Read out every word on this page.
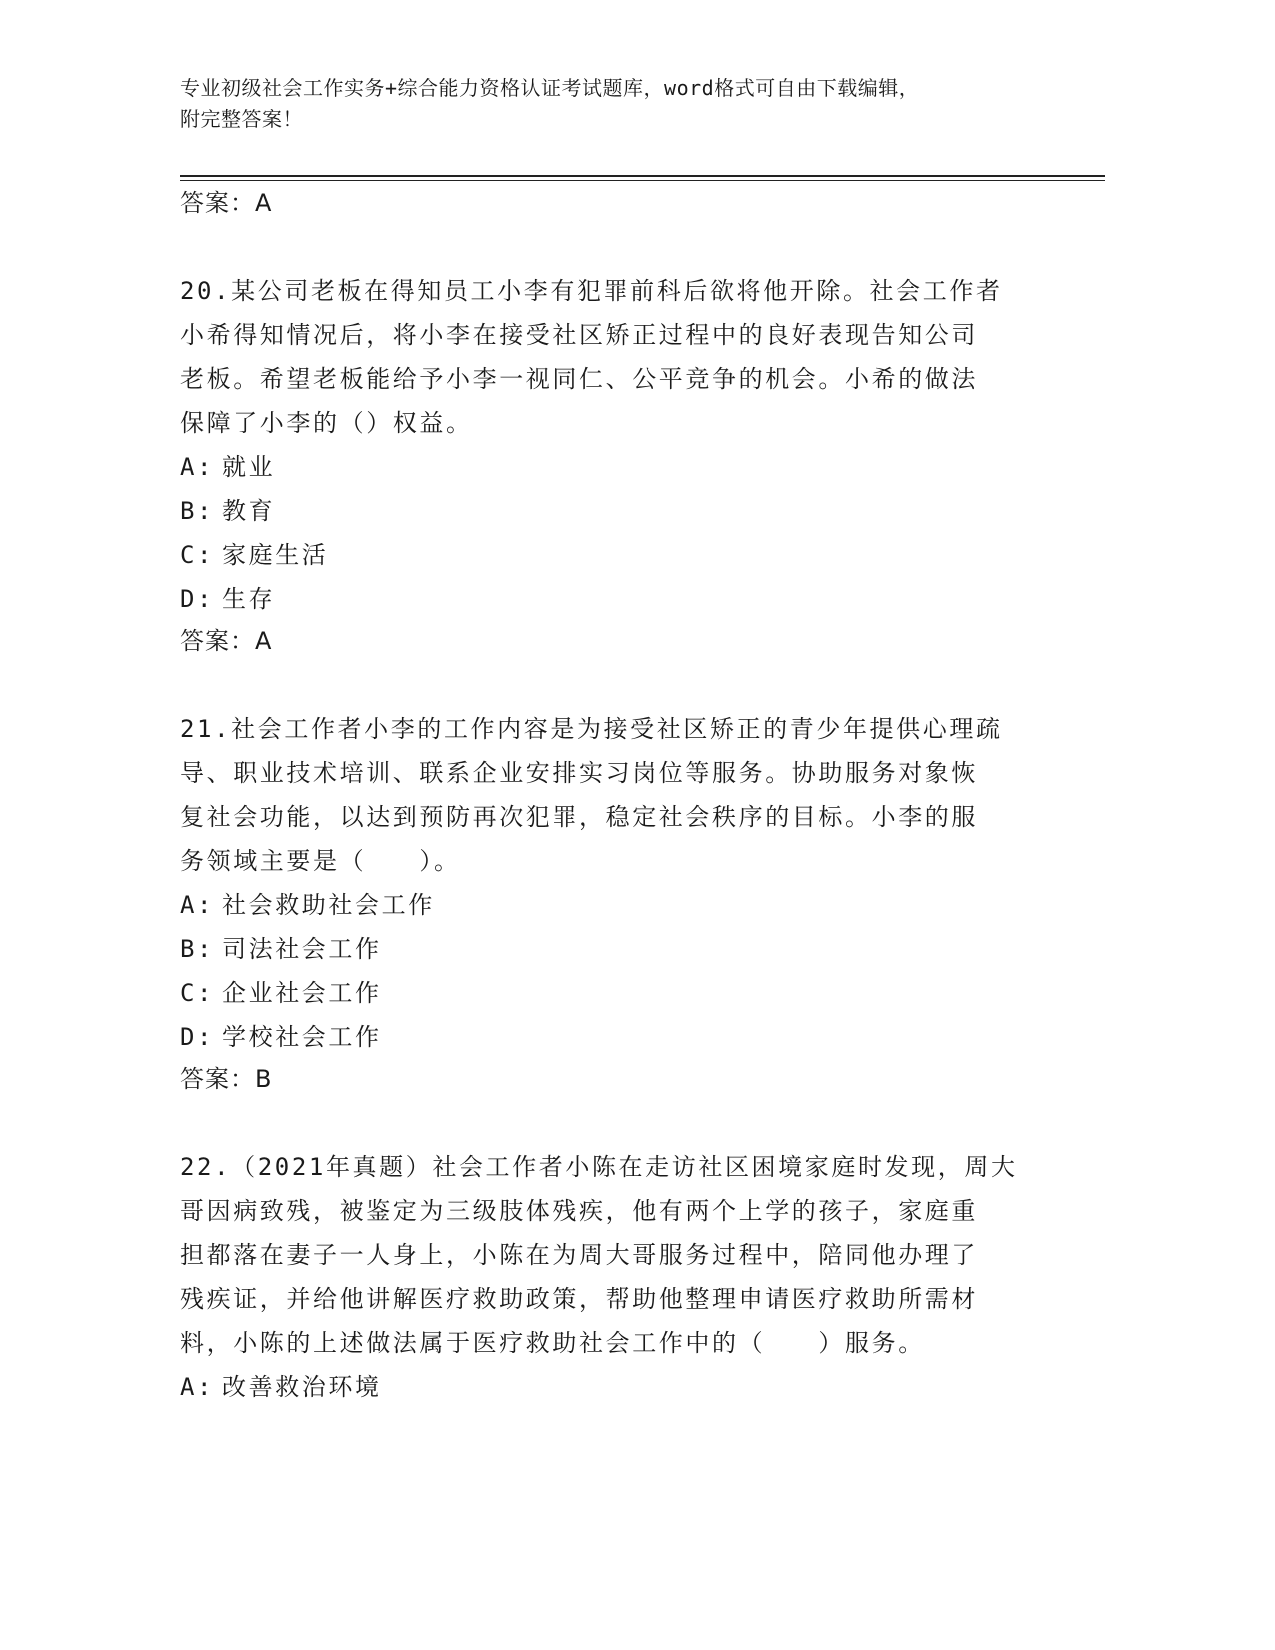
专业初级社会工作实务+综合能力资格认证考试题库，word格式可自由下载编辑，
附完整答案！
答案：A
20.某公司老板在得知员工小李有犯罪前科后欲将他开除。社会工作者
小希得知情况后，将小李在接受社区矫正过程中的良好表现告知公司
老板。希望老板能给予小李一视同仁、公平竞争的机会。小希的做法
保障了小李的（）权益。
A: 就业
B: 教育
C: 家庭生活
D: 生存
答案：A
21.社会工作者小李的工作内容是为接受社区矫正的青少年提供心理疏
导、职业技术培训、联系企业安排实习岗位等服务。协助服务对象恢
复社会功能，以达到预防再次犯罪，稳定社会秩序的目标。小李的服
务领域主要是（　　）。
A: 社会救助社会工作
B: 司法社会工作
C: 企业社会工作
D: 学校社会工作
答案：B
22.（2021年真题）社会工作者小陈在走访社区困境家庭时发现，周大
哥因病致残，被鉴定为三级肢体残疾，他有两个上学的孩子，家庭重
担都落在妻子一人身上，小陈在为周大哥服务过程中，陪同他办理了
残疾证，并给他讲解医疗救助政策，帮助他整理申请医疗救助所需材
料，小陈的上述做法属于医疗救助社会工作中的（　　）服务。
A: 改善救治环境
